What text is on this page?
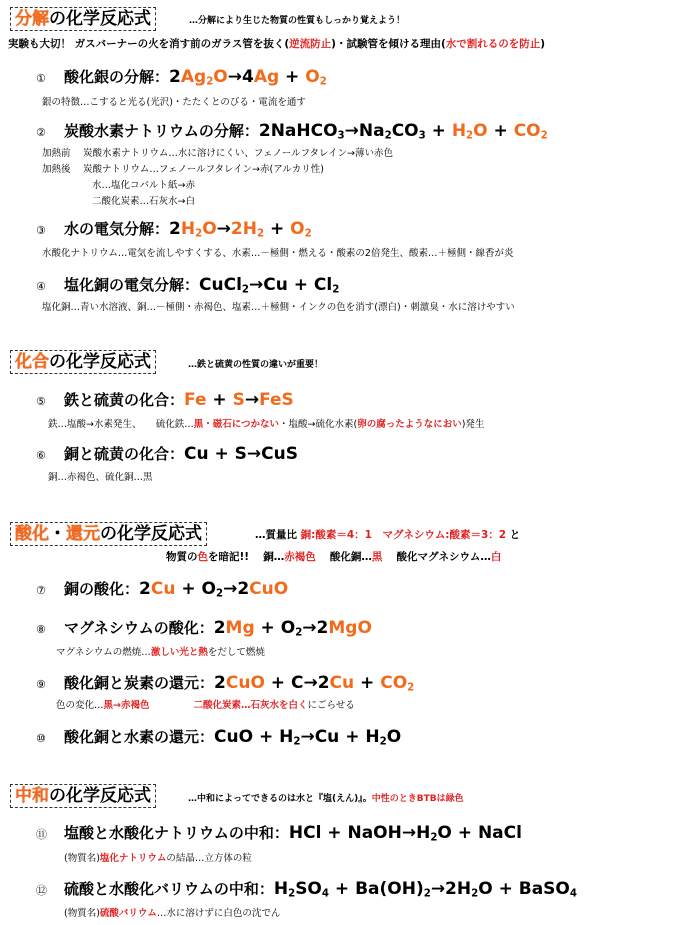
分解の化学反応式	…分解により生じた物質の性質もしっかり覚えよう！
実験も大切！ ガスバーナーの火を消す前のガラス管を抜く(逆流防止)・試験管を傾ける理由(水で割れるのを防止)
① 酸化銀の分解：2Ag2O→4Ag + O2
銀の特徴…こすると光る(光沢)・たたくとのびる・電流を通す
② 炭酸水素ナトリウムの分解：2NaHCO3→Na2CO3 + H2O + CO2
加熱前　 炭酸水素ナトリウム…水に溶けにくい、フェノールフタレイン→薄い赤色
加熱後　 炭酸ナトリウム…フェノールフタレイン→赤(アルカリ性)
水…塩化コバルト紙→赤
二酸化炭素…石灰水→白
③ 水の電気分解：2H2O→2H2 + O2
水酸化ナトリウム…電気を流しやすくする、水素…－極側・燃える・酸素の2倍発生、酸素…＋極側・線香が炎
④ 塩化銅の電気分解：CuCl2→Cu + Cl2
塩化銅…青い水溶液、銅…－極側・赤褐色、塩素…＋極側・インクの色を消す(漂白)・刺激臭・水に溶けやすい
化合の化学反応式	…鉄と硫黄の性質の違いが重要！
⑤ 鉄と硫黄の化合：Fe + S→FeS
鉄…塩酸→水素発生、　　硫化鉄…黒・磁石につかない・塩酸→硫化水素(卵の腐ったようなにおい)発生
⑥ 銅と硫黄の化合：Cu + S→CuS
銅…赤褐色、硫化銅…黒
酸化・還元の化学反応式	…質量比 銅:酸素＝4：1　マグネシウム:酸素＝3：2 と
物質の色を暗記!!　 銅…赤褐色　 酸化銅…黒　 酸化マグネシウム…白
⑦ 銅の酸化：2Cu + O2→2CuO
⑧ マグネシウムの酸化：2Mg + O2→2MgO
マグネシウムの燃焼…激しい光と熱をだして燃焼
⑨ 酸化銅と炭素の還元：2CuO + C→2Cu + CO2
色の変化…黒→赤褐色	二酸化炭素…石灰水を白くにごらせる
⑩ 酸化銅と水素の還元：CuO + H2→Cu + H2O
中和の化学反応式	…中和によってできるのは水と『塩(えん)』。中性のときBTBは緑色
⑪ 塩酸と水酸化ナトリウムの中和：HCl + NaOH→H2O + NaCl
(物質名)塩化ナトリウムの結晶…立方体の粒
⑫ 硫酸と水酸化バリウムの中和：H2SO4 + Ba(OH)2→2H2O + BaSO4
(物質名)硫酸バリウム…水に溶けずに白色の沈でん
